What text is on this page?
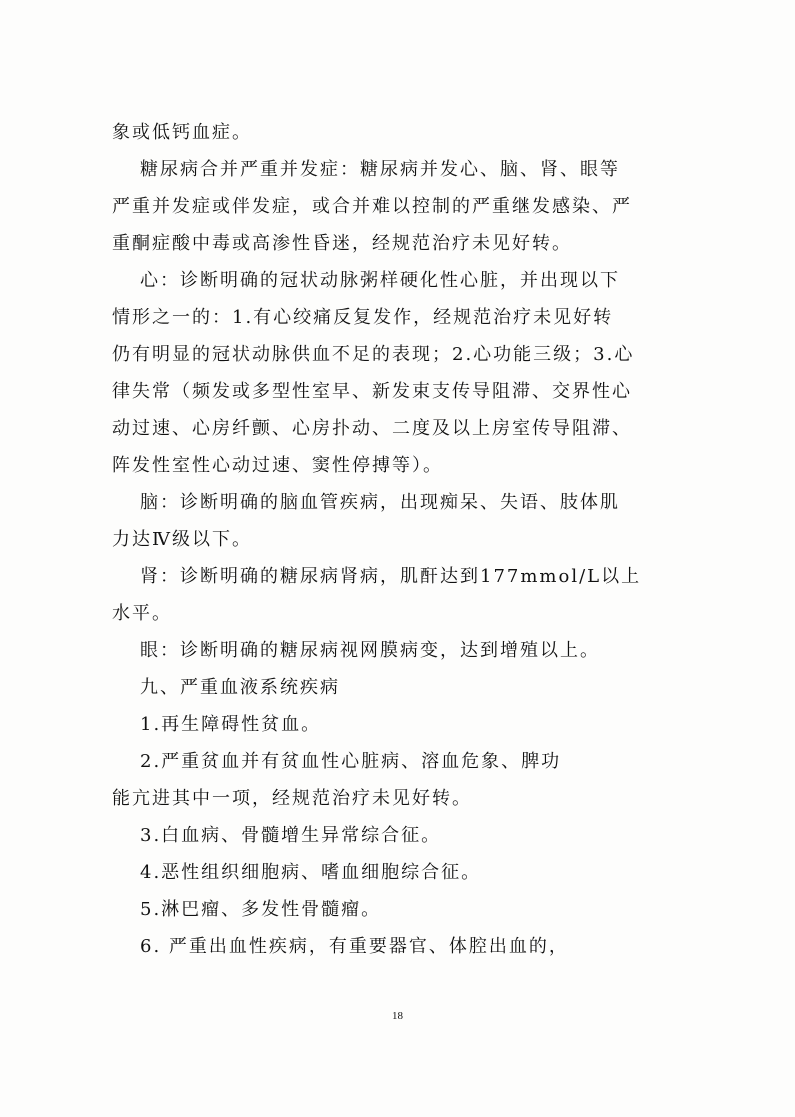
象或低钙血症。
糖尿病合并严重并发症：糖尿病并发心、脑、肾、眼等
严重并发症或伴发症，或合并难以控制的严重继发感染、严
重酮症酸中毒或高渗性昏迷，经规范治疗未见好转。
心：诊断明确的冠状动脉粥样硬化性心脏，并出现以下
情形之一的：1.有心绞痛反复发作，经规范治疗未见好转
仍有明显的冠状动脉供血不足的表现；2.心功能三级；3.心
律失常（频发或多型性室早、新发束支传导阻滞、交界性心
动过速、心房纤颤、心房扑动、二度及以上房室传导阻滞、
阵发性室性心动过速、窦性停搏等）。
脑：诊断明确的脑血管疾病，出现痴呆、失语、肢体肌
力达Ⅳ级以下。
肾：诊断明确的糖尿病肾病，肌酐达到177mmol/L以上
水平。
眼：诊断明确的糖尿病视网膜病变，达到增殖以上。
九、严重血液系统疾病
1.再生障碍性贫血。
2.严重贫血并有贫血性心脏病、溶血危象、脾功
能亢进其中一项，经规范治疗未见好转。
3.白血病、骨髓增生异常综合征。
4.恶性组织细胞病、嗜血细胞综合征。
5.淋巴瘤、多发性骨髓瘤。
6. 严重出血性疾病，有重要器官、体腔出血的，
18
